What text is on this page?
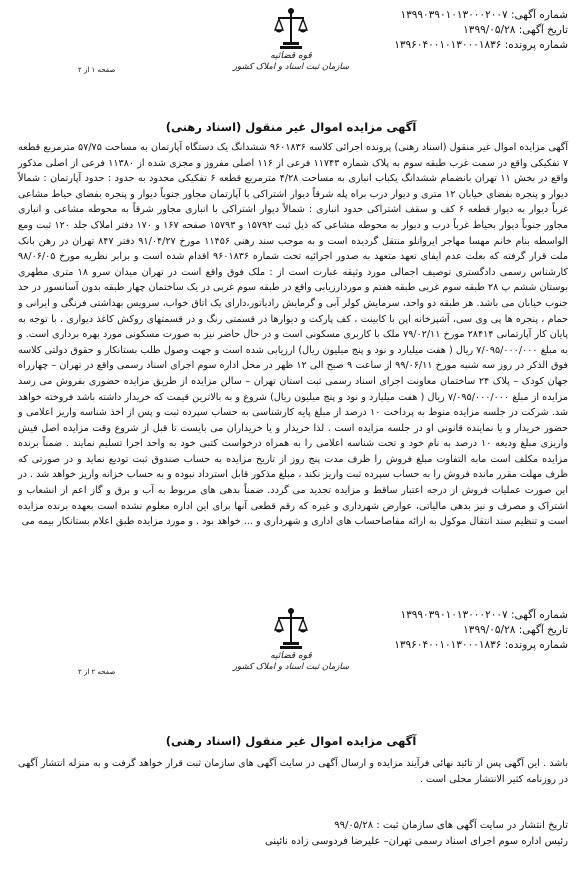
شماره آگهی: ۱۳۹۹۰۳۹۰۱۰۱۳۰۰۰۲۰۰۷
تاریخ آگهی: ۱۳۹۹/۰۵/۲۸
شماره پرونده: ۱۳۹۶۰۴۰۰۱۰۱۳۰۰۰۱۸۳۶
قوه قضائیه
سازمان ثبت اسناد و املاک کشور
صفحه ۱ از ۲
آگهی مزایده اموال غیر منقول (اسناد رهنی)

آگهی مزایده اموال غیر منقول (اسناد رهنی) پرونده اجرائی کلاسه ۹۶۰۱۸۳۶ ششدانگ یک دستگاه آپارتمان به مساحت ۵۷/۷۵ مترمربع قطعه ۷ تفکیکی واقع در سمت غرب طبقه سوم به پلاک شماره ۱۱۷۴۳ فرعی از ۱۱۶ اصلی مفروز و مجزی شده از ۱۱۳۸۰ فرعی از اصلی مذکور واقع در بخش ۱۱ تهران بانضمام ششدانگ یکباب انباری به مساحت ۴/۲۸ مترمربع قطعه ۶ تفکیکی محدود به حدود : حدود آپارتمان : شمالاً دیوار و پنجره بفضای خیابان ۱۲ متری و دیوار درب براه پله شرقاً دیوار اشتراکی با آپارتمان مجاور جنوباً دیوار و پنجره بفضای حیاط مشاعی غرباً دیوار به دیوار قطعه ۶ کف و سقف اشتراکی حدود انباری : شمالاً دیوار اشتراکی با انباری مجاور شرقاً به محوطه مشاعی و انباری مجاور جنوباً دیوار بحیاط غرباً درب و دیوار به محوطه مشاعی که ذیل ثبت ۱۵۷۹۲ و ۱۵۷۹۳ صفحه ۱۶۷ و ۱۷۰ دفتر املاک جلد ۱۲۰ ثبت ومع الواسطه بنام خانم مهسا مهاجر ایروانلو منتقل گردیده است و به موجب سند رهنی ۱۱۴۵۶ مورخ ۹۱/۰۴/۲۷ دفتر ۸۴۷ تهران در رهن بانک ملت قرار گرفته که بعلت عدم ایفای تعهد متعهد به صدور اجرائیه تحت شماره ۹۶۰۱۸۳۶ اقدام شده است و برابر نظریه مورخ ۹۸/۰۶/۰۵ کارشناس رسمی دادگستری توصیف اجمالی مورد وثیقه عبارت است از : ملک فوق واقع است در تهران میدان سرو ۱۸ متری مطهری بوستان ششم پ ۲۸ طبقه سوم غربی طبقه هفتم و موردارزیابی واقع در طبقه سوم غربی در یک ساختمان چهار طبقه بدون آسانسور در حد جنوب خیابان می باشد. هر طبقه دو واحد، سرمایش کولر آبی و گرمایش رادیاتور،دارای یک اتاق خواب، سرویس بهداشتی فرنگی و ایرانی و حمام ، پنجره ها پی وی سی، آشپزخانه اپن با کابینت ، کف پارکت و دیوارها در قسمتی رنگ و در قسمتهای روکش کاغذ دیواری ، با توجه به پایان کار آپارتمانی ۲۸۴۱۴ مورخ ۷۹/۰۲/۱۱ ملک با کاربری مسکونی است و در حال حاضر نیز به صورت مسکونی مورد بهره برداری است. و به مبلغ ۷/۰۹۵/۰۰۰/۰۰۰ ریال ( هفت میلیارد و نود و پنج میلیون ریال) ارزیابی شده است و جهت وصول طلب بستانکار و حقوق دولتی کلاسه فوق الذکر در روز سه شنبه مورخ ۹۹/۰۶/۱۱ از ساعت ۹ صبح الی ۱۲ ظهر در محل اداره سوم اجرای اسناد رسمی واقع در تهران – چهارراه جهان کودک – پلاک ۲۴ ساختمان معاونت اجرای اسناد رسمی ثبت استان تهران – سالن مزایده از طریق مزایده حضوری بفروش می رسد مزایده از مبلغ ۷/۰۹۵/۰۰۰/۰۰۰ ریال ( هفت میلیارد و نود و پنج میلیون ریال) شروع و به بالاترین قیمت که خریدار داشته باشد فروخته خواهد شد. شرکت در جلسه مزایده منوط به پرداخت ۱۰ درصد از مبلغ پایه کارشناسی به حساب سپرده ثبت و پس از اخذ شناسه واریز اعلامی و حضور خریدار و یا نماینده قانونی او در جلسه مزایده است . لذا خریدار و یا خریداران می بایست تا قبل از شروع وقت مزایده اصل فیش واریزی مبلغ ودیعه ۱۰ درصد به نام خود و تحت شناسه اعلامی را به همراه درخواست کتبی خود به واحد اجرا تسلیم نمایند . ضمناً برنده مزایده مکلف است مابه التفاوت مبلغ فروش را ظرف مدت پنج روز از تاریخ مزایده به حساب صندوق ثبت تودیع نماید و در صورتی که ظرف مهلت مقرر مانده فروش را به حساب سپرده ثبت واریز نکند ، مبلغ مذکور قابل استرداد نبوده و به حساب خزانه واریز خواهد شد . در این صورت عملیات فروش از درجه اعتبار ساقط و مزایده تجدید می گردد. ضمناً بدهی های مربوط به آب و برق و گاز اعم از انشعاب و اشتراک و مصرف و نیز بدهی مالیاتی، عوارض شهرداری و غیره که رقم قطعی آنها برای این اداره معلوم نشده است بعهده برنده مزایده است و تنظیم سند انتقال موکول به ارائه مفاصاحساب های اداری و شهرداری و ... خواهد بود . و مورد مزایده طبق اعلام بستانکار بیمه می

شماره آگهی: ۱۳۹۹۰۳۹۰۱۰۱۳۰۰۰۲۰۰۷
تاریخ آگهی: ۱۳۹۹/۰۵/۲۸
شماره پرونده: ۱۳۹۶۰۴۰۰۱۰۱۳۰۰۰۱۸۳۶
قوه قضائیه
سازمان ثبت اسناد و املاک کشور
صفحه ۲ از ۲
آگهی مزایده اموال غیر منقول (اسناد رهنی)

باشد . این آگهی پس از تائید نهائی فرآیند مزایده و ارسال آگهی در سایت آگهی های سازمان ثبت قرار خواهد گرفت و به منزله انتشار آگهی در روزنامه کثیر الانتشار محلی است .

تاریخ انتشار در سایت آگهی های سازمان ثبت : ۹۹/۰۵/۲۸
رئیس اداره سوم اجرای اسناد رسمی تهران– علیرضا فردوسی زاده نائینی
